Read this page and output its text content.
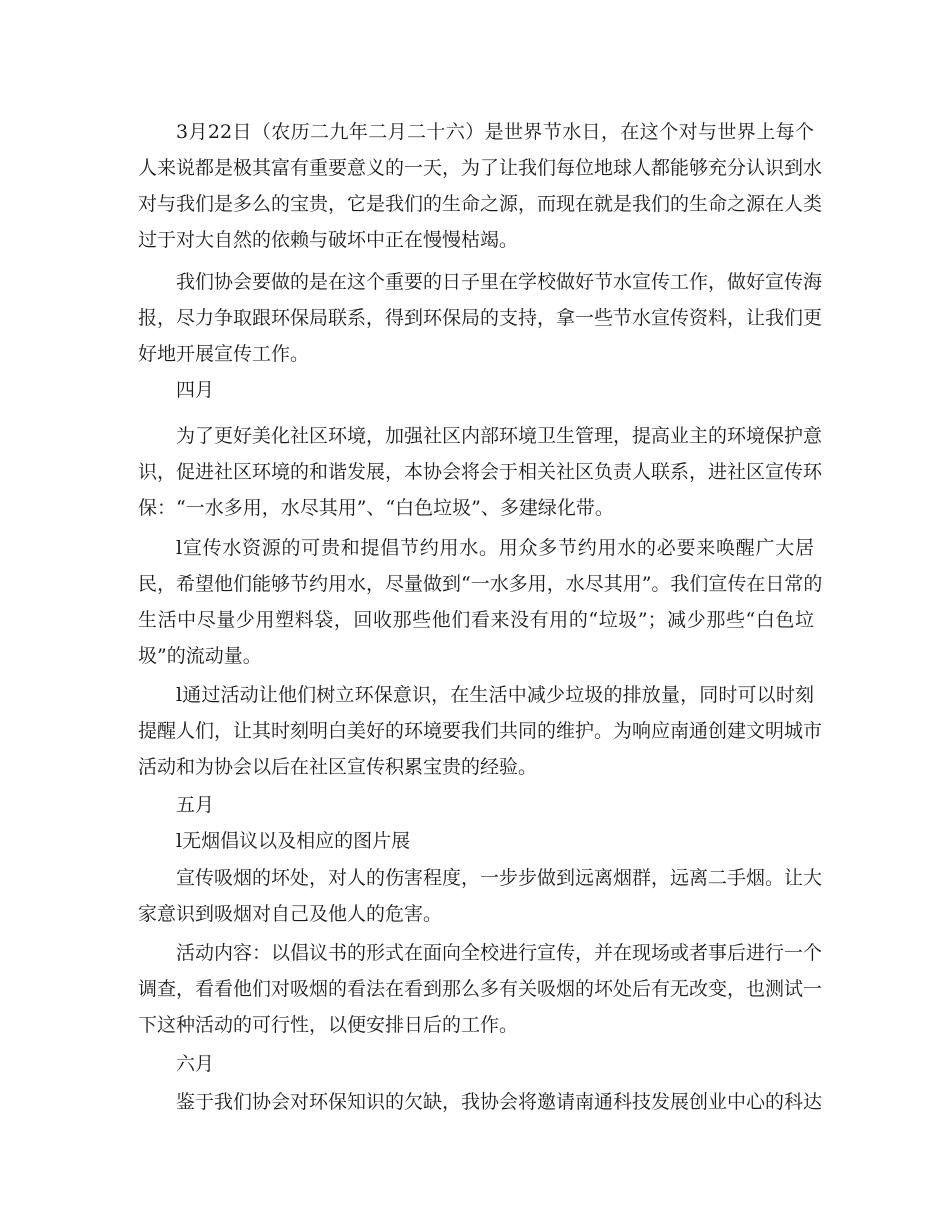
3月22日（农历二九年二月二十六）是世界节水日，在这个对与世界上每个
人来说都是极其富有重要意义的一天，为了让我们每位地球人都能够充分认识到水
对与我们是多么的宝贵，它是我们的生命之源，而现在就是我们的生命之源在人类
过于对大自然的依赖与破坏中正在慢慢枯竭。
我们协会要做的是在这个重要的日子里在学校做好节水宣传工作，做好宣传海
报，尽力争取跟环保局联系，得到环保局的支持，拿一些节水宣传资料，让我们更
好地开展宣传工作。
四月
为了更好美化社区环境，加强社区内部环境卫生管理，提高业主的环境保护意
识，促进社区环境的和谐发展，本协会将会于相关社区负责人联系，进社区宣传环
保：“一水多用，水尽其用”、“白色垃圾”、多建绿化带。
l宣传水资源的可贵和提倡节约用水。用众多节约用水的必要来唤醒广大居
民，希望他们能够节约用水，尽量做到“一水多用，水尽其用”。我们宣传在日常的
生活中尽量少用塑料袋，回收那些他们看来没有用的“垃圾”；减少那些“白色垃
圾”的流动量。
l通过活动让他们树立环保意识，在生活中减少垃圾的排放量，同时可以时刻
提醒人们，让其时刻明白美好的环境要我们共同的维护。为响应南通创建文明城市
活动和为协会以后在社区宣传积累宝贵的经验。
五月
l无烟倡议以及相应的图片展
宣传吸烟的坏处，对人的伤害程度，一步步做到远离烟群，远离二手烟。让大
家意识到吸烟对自己及他人的危害。
活动内容：以倡议书的形式在面向全校进行宣传，并在现场或者事后进行一个
调查，看看他们对吸烟的看法在看到那么多有关吸烟的坏处后有无改变，也测试一
下这种活动的可行性，以便安排日后的工作。
六月
鉴于我们协会对环保知识的欠缺，我协会将邀请南通科技发展创业中心的科达
